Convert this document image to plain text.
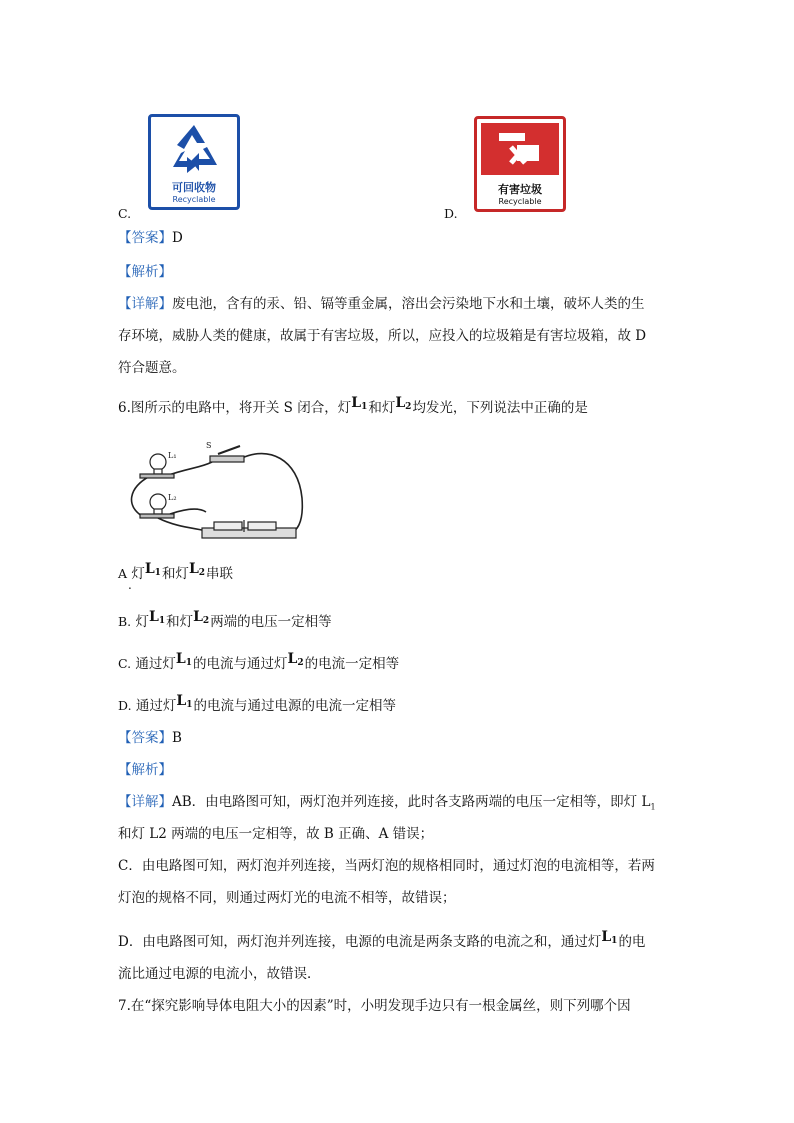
可回收物
Recyclable
有害垃圾
Recyclable
C.	D.
【答案】D
【解析】
【详解】废电池，含有的汞、铅、镉等重金属，溶出会污染地下水和土壤，破坏人类的生
存环境，威胁人类的健康，故属于有害垃圾，所以，应投入的垃圾箱是有害垃圾箱，故 D
符合题意。
6.图所示的电路中，将开关 S 闭合，灯$L_1$和灯$L_2$均发光，下列说法中正确的是
L₁
L₂
S
A 灯$L_1$和灯$L_2$串联
.
B. 灯$L_1$和灯$L_2$两端的电压一定相等
C. 通过灯$L_1$的电流与通过灯$L_2$的电流一定相等
D. 通过灯$L_1$的电流与通过电源的电流一定相等
【答案】B
【解析】
【详解】AB．由电路图可知，两灯泡并列连接，此时各支路两端的电压一定相等，即灯 $L_1$
和灯 L2 两端的电压一定相等，故 B 正确、A 错误；
C．由电路图可知，两灯泡并列连接，当两灯泡的规格相同时，通过灯泡的电流相等，若两
灯泡的规格不同，则通过两灯光的电流不相等，故错误；
D．由电路图可知，两灯泡并列连接，电源的电流是两条支路的电流之和，通过灯$L_1$的电
流比通过电源的电流小，故错误．
7.在“探究影响导体电阻大小的因素”时，小明发现手边只有一根金属丝，则下列哪个因
